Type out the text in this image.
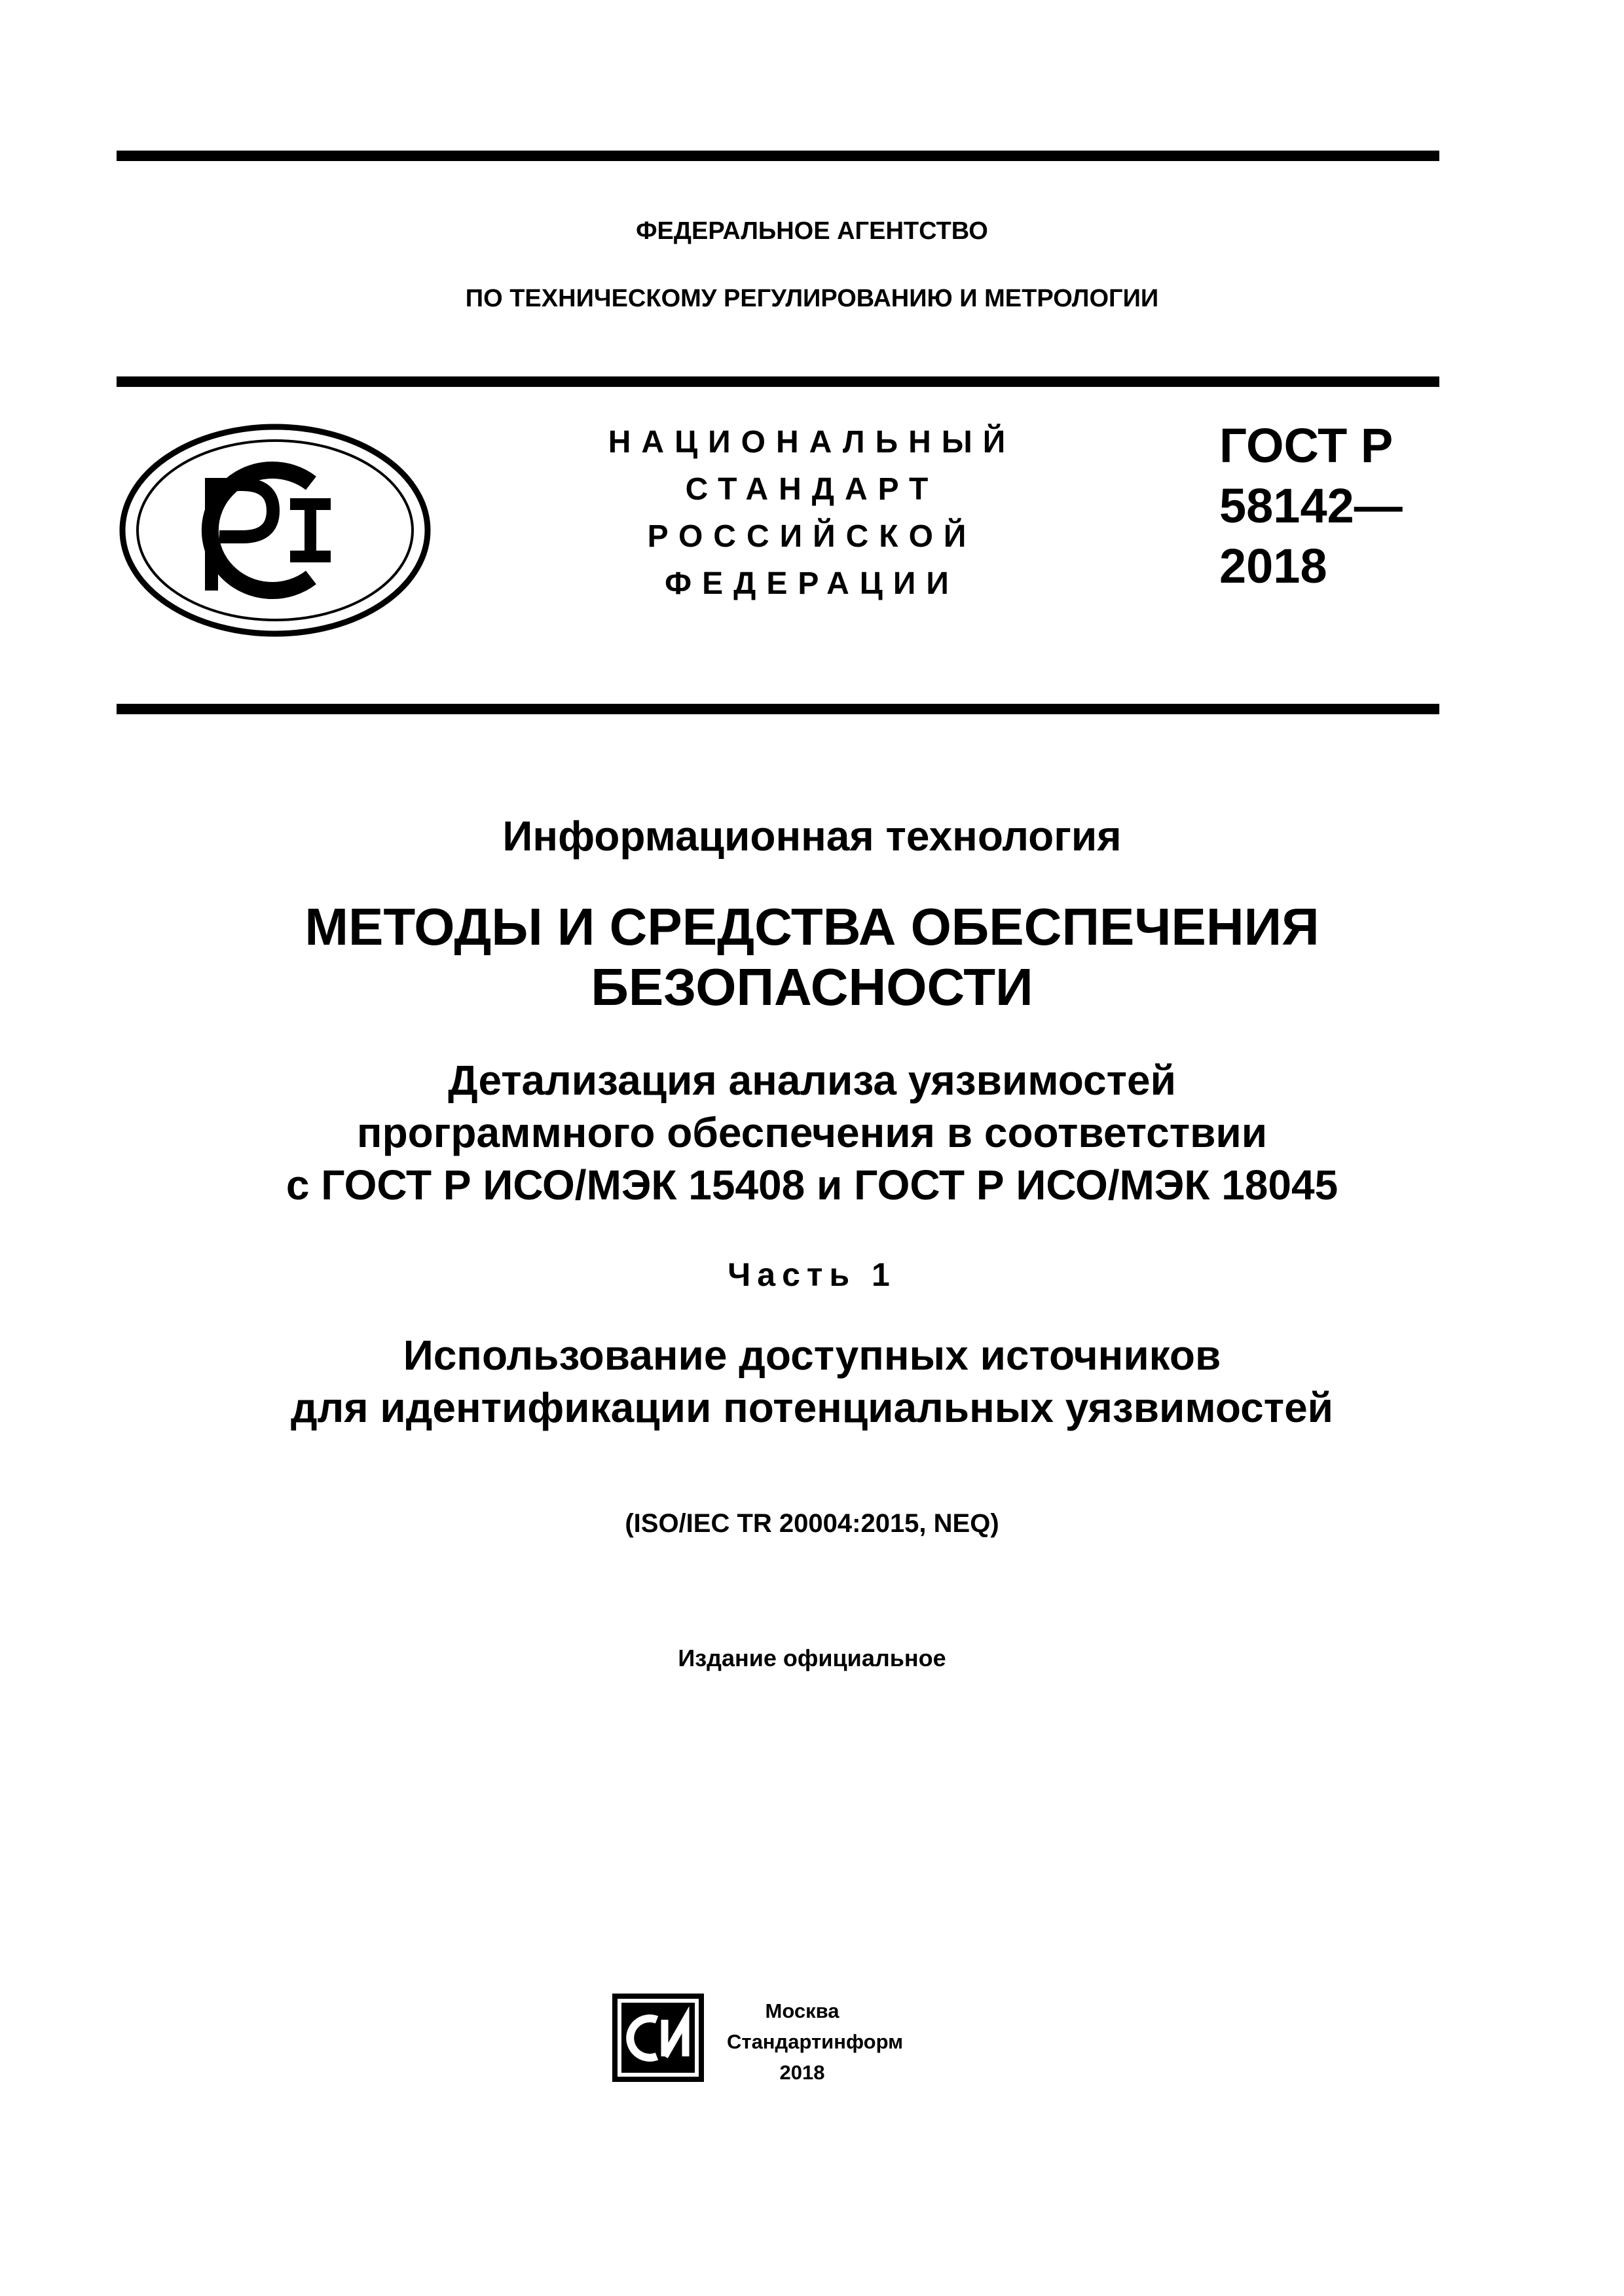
ФЕДЕРАЛЬНОЕ АГЕНТСТВО
ПО ТЕХНИЧЕСКОМУ РЕГУЛИРОВАНИЮ И МЕТРОЛОГИИ
НАЦИОНАЛЬНЫЙ
СТАНДАРТ
РОССИЙСКОЙ
ФЕДЕРАЦИИ
ГОСТ Р
58142—
2018
Информационная технология
МЕТОДЫ И СРЕДСТВА ОБЕСПЕЧЕНИЯ
БЕЗОПАСНОСТИ
Детализация анализа уязвимостей
программного обеспечения в соответствии
с ГОСТ Р ИСО/МЭК 15408 и ГОСТ Р ИСО/МЭК 18045
Часть 1
Использование доступных источников
для идентификации потенциальных уязвимостей
(ISO/IEC TR 20004:2015, NEQ)
Издание официальное
Москва
Стандартинформ
2018
